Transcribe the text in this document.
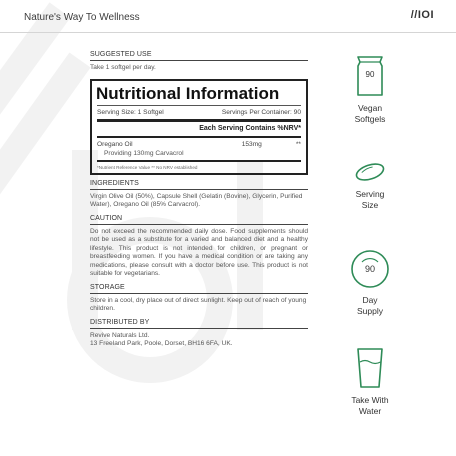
Nature's Way To Wellness	//IOI

SUGGESTED USE

Take 1 softgel per day.

Nutritional Information
Serving Size: 1 Softgel	Servings Per Container: 90
Each Serving Contains %NRV*
Oregano Oil	153mg	**
Providing 130mg Carvacrol
*Nutrient Reference Value ** No NRV established

INGREDIENTS

Virgin Olive Oil (50%), Capsule Shell (Gelatin (Bovine), Glycerin, Purified Water), Oregano Oil (85% Carvacrol).

CAUTION

Do not exceed the recommended daily dose. Food supplements should not be used as a substitute for a varied and balanced diet and a healthy lifestyle. This product is not intended for children, or pregnant or breastfeeding women. If you have a medical condition or are taking any medications, please consult with a doctor before use. This product is not suitable for vegetarians.

STORAGE

Store in a cool, dry place out of direct sunlight. Keep out of reach of young children.

DISTRIBUTED BY

Revive Naturals Ltd.

13 Freeland Park, Poole, Dorset, BH16 6FA, UK.

90
Vegan
Softgels
Serving
Size
90
Day
Supply
Take With
Water
